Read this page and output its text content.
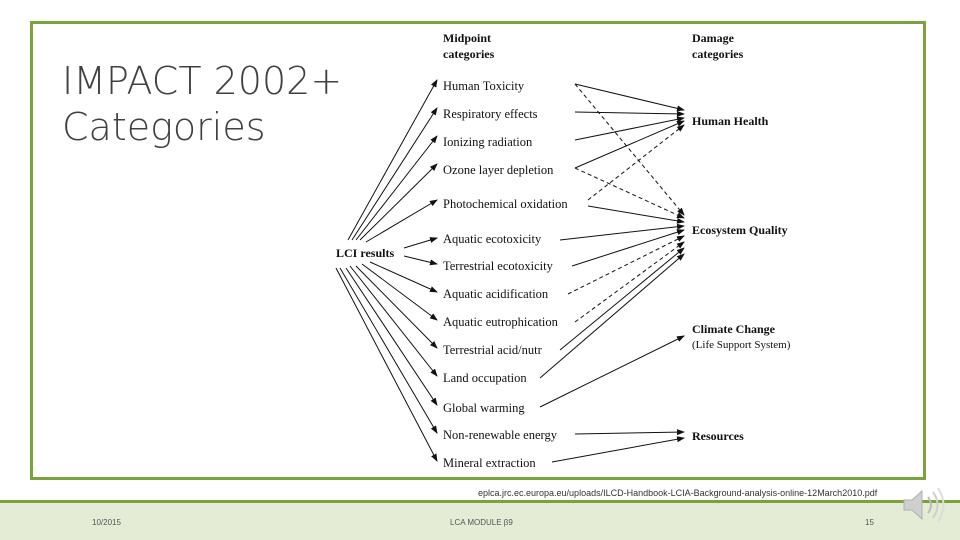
IMPACT 2002+
Categories
Midpoint
categories
Damage
categories
LCI results
Human Toxicity
Respiratory effects
Ionizing radiation
Ozone layer depletion
Photochemical oxidation
Aquatic ecotoxicity
Terrestrial ecotoxicity
Aquatic acidification
Aquatic eutrophication
Terrestrial acid/nutr
Land occupation
Global warming
Non-renewable energy
Mineral extraction
Human Health
Ecosystem Quality
Climate Change
(Life Support System)
Resources
eplca.jrc.ec.europa.eu/uploads/ILCD-Handbook-LCIA-Background-analysis-online-12March2010.pdf
10/2015	LCA MODULE β9	15
